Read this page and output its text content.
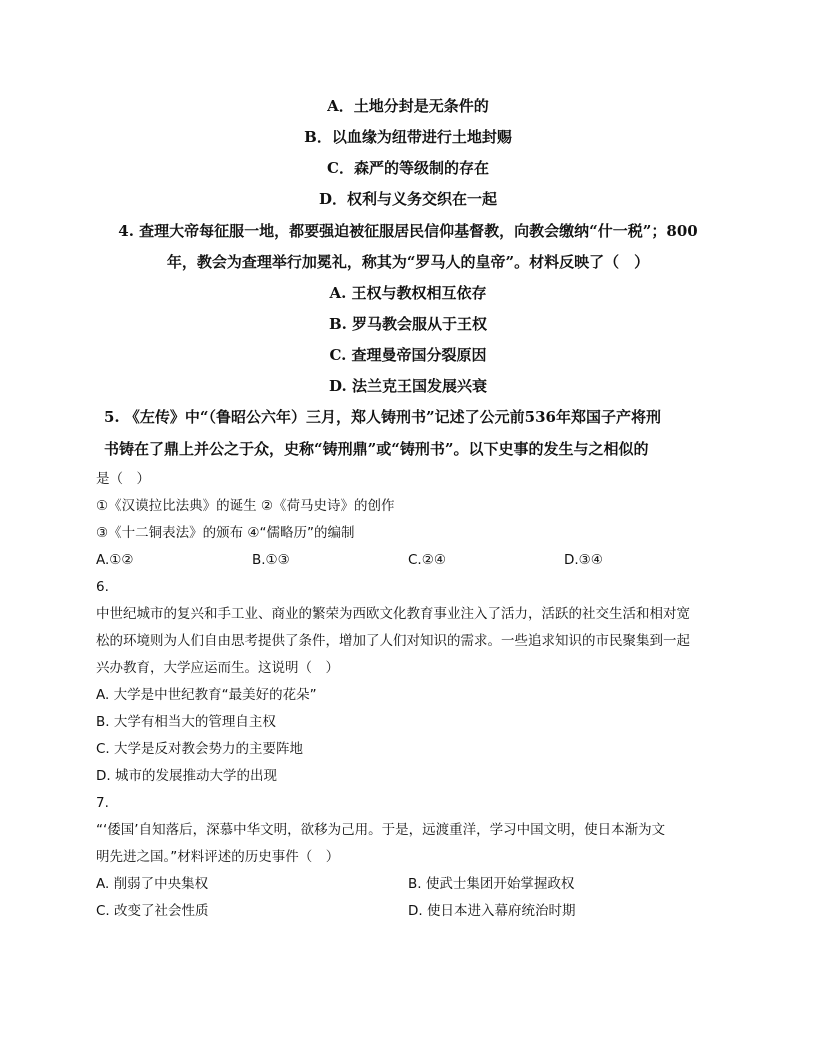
A．土地分封是无条件的
B．以血缘为纽带进行土地封赐
C．森严的等级制的存在
D．权利与义务交织在一起
4. 查理大帝每征服一地，都要强迫被征服居民信仰基督教，向教会缴纳“什一税”；800
年，教会为查理举行加冕礼，称其为“罗马人的皇帝”。材料反映了（　）
A. 王权与教权相互依存
B. 罗马教会服从于王权
C. 查理曼帝国分裂原因
D. 法兰克王国发展兴衰
5. 《左传》中“（鲁昭公六年）三月，郑人铸刑书”记述了公元前536年郑国子产将刑
书铸在了鼎上并公之于众，史称“铸刑鼎”或“铸刑书”。以下史事的发生与之相似的
是（　）
①《汉谟拉比法典》的诞生 ②《荷马史诗》的创作
③《十二铜表法》的颁布 ④“儒略历”的编制
A.①②	B.①③	C.②④	D.③④
6.
中世纪城市的复兴和手工业、商业的繁荣为西欧文化教育事业注入了活力，活跃的社交生活和相对宽
松的环境则为人们自由思考提供了条件，增加了人们对知识的需求。一些追求知识的市民聚集到一起
兴办教育，大学应运而生。这说明（　）
A. 大学是中世纪教育“最美好的花朵”
B. 大学有相当大的管理自主权
C. 大学是反对教会势力的主要阵地
D. 城市的发展推动大学的出现
7.
“‘倭国’自知落后，深慕中华文明，欲移为己用。于是，远渡重洋，学习中国文明，使日本渐为文
明先进之国。”材料评述的历史事件（　）
A. 削弱了中央集权	B. 使武士集团开始掌握政权
C. 改变了社会性质	D. 使日本进入幕府统治时期
